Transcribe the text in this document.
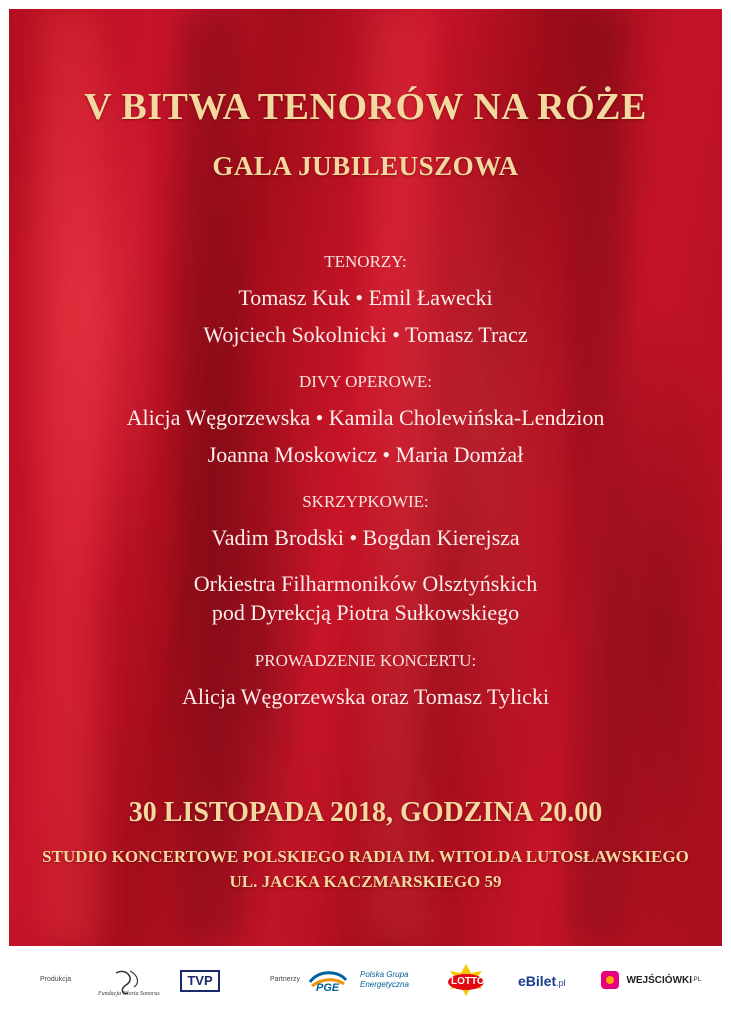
V BITWA TENORÓW NA RÓŻE
GALA JUBILEUSZOWA
TENORZY:
Tomasz Kuk • Emil Ławecki
Wojciech Sokolnicki • Tomasz Tracz
DIVY OPEROWE:
Alicja Węgorzewska • Kamila Cholewińska-Lendzion
Joanna Moskowicz • Maria Domżał
SKRZYPKOWIE:
Vadim Brodski • Bogdan Kierejsza
Orkiestra Filharmoników Olsztyńskich
pod Dyrekcją Piotra Sułkowskiego
PROWADZENIE KONCERTU:
Alicja Węgorzewska oraz Tomasz Tylicki
30 LISTOPADA 2018, GODZINA 20.00
STUDIO KONCERTOWE POLSKIEGO RADIA IM. WITOLDA LUTOSŁAWSKIEGO
UL. JACKA KACZMARSKIEGO 59
Produkcja
Fundacja Gloria Sonorus
TVP	Partnerzy
PGE
Polska Grupa
Energetyczna	LOTTO eBilet.pl	WEJŚCIÓWKI.PL
